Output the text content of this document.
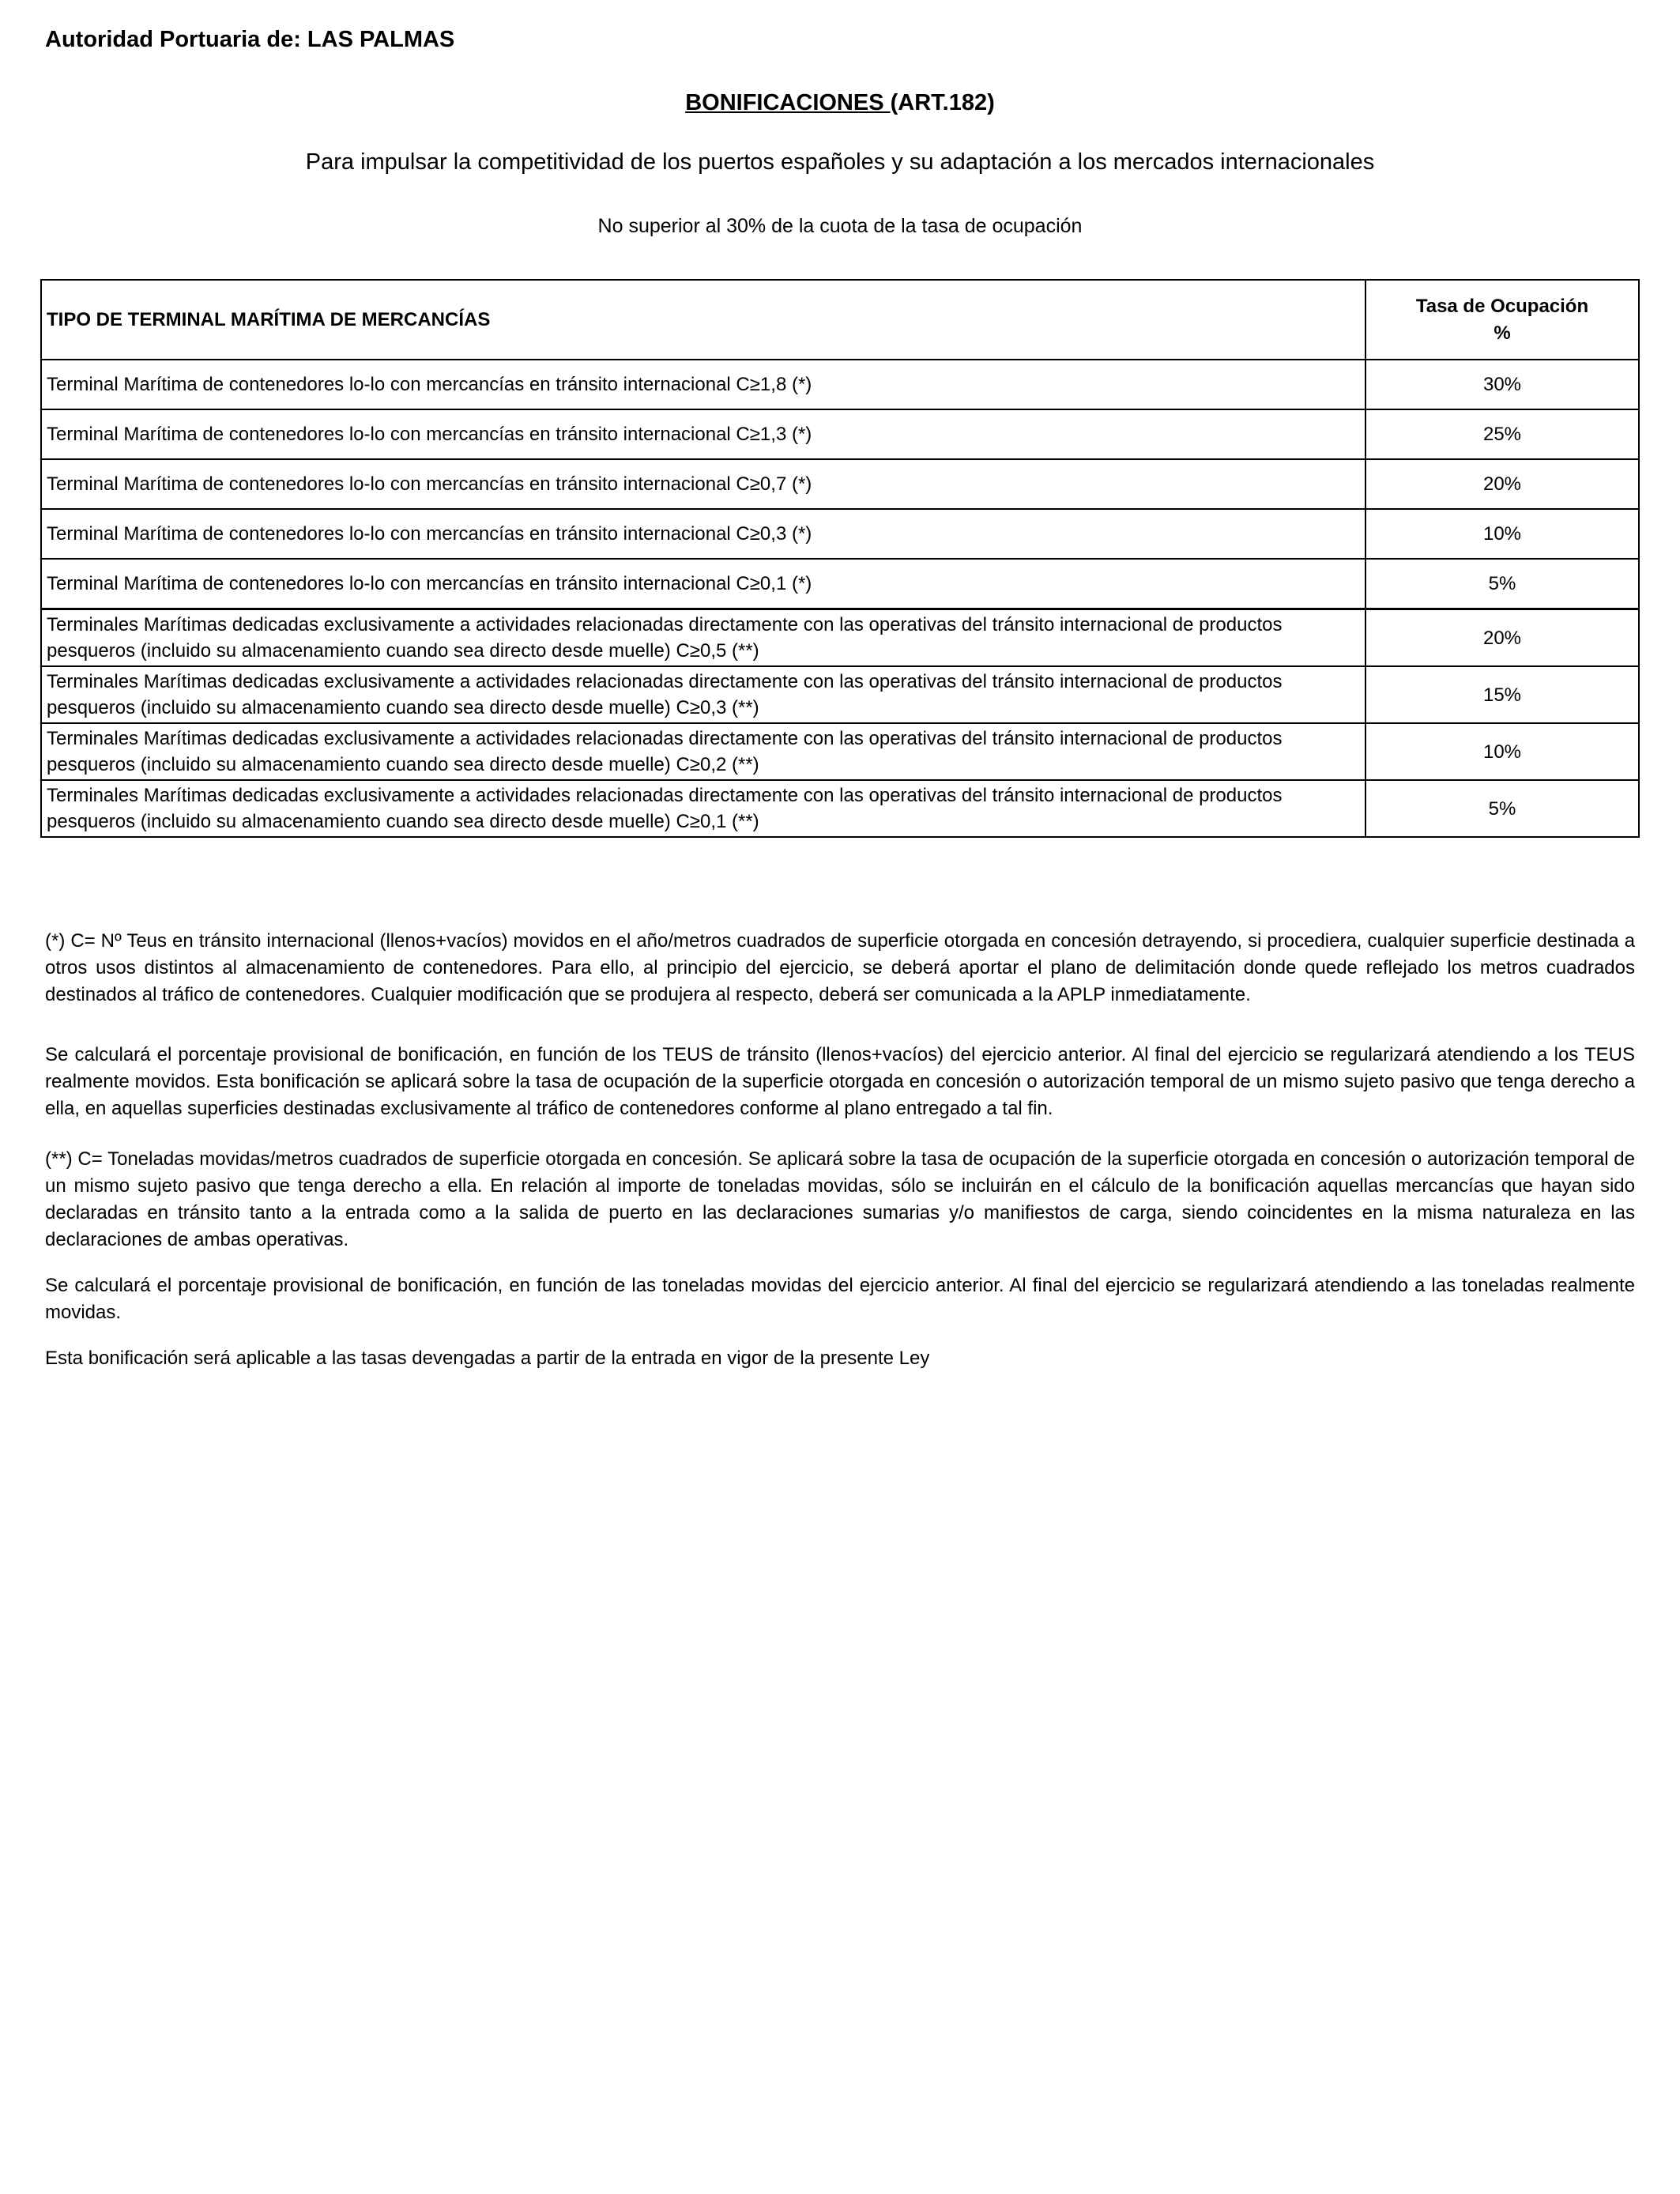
Autoridad Portuaria de: LAS PALMAS

BONIFICACIONES (ART.182)

Para impulsar la competitividad de los puertos españoles y su adaptación a los mercados internacionales

No superior al 30% de la cuota de la tasa de ocupación

TIPO DE TERMINAL MARÍTIMA DE MERCANCÍAS	Tasa de Ocupación
%

Terminal Marítima de contenedores lo-lo con mercancías en tránsito internacional C≥1,8 (*)	30%
Terminal Marítima de contenedores lo-lo con mercancías en tránsito internacional C≥1,3 (*)	25%
Terminal Marítima de contenedores lo-lo con mercancías en tránsito internacional C≥0,7 (*)	20%
Terminal Marítima de contenedores lo-lo con mercancías en tránsito internacional C≥0,3 (*)	10%
Terminal Marítima de contenedores lo-lo con mercancías en tránsito internacional C≥0,1 (*)	5%
Terminales Marítimas dedicadas exclusivamente a actividades relacionadas directamente con las operativas del tránsito internacional de productos pesqueros (incluido su almacenamiento cuando sea directo desde muelle) C≥0,5 (**)	20%
Terminales Marítimas dedicadas exclusivamente a actividades relacionadas directamente con las operativas del tránsito internacional de productos pesqueros (incluido su almacenamiento cuando sea directo desde muelle) C≥0,3 (**)	15%
Terminales Marítimas dedicadas exclusivamente a actividades relacionadas directamente con las operativas del tránsito internacional de productos pesqueros (incluido su almacenamiento cuando sea directo desde muelle) C≥0,2 (**)	10%
Terminales Marítimas dedicadas exclusivamente a actividades relacionadas directamente con las operativas del tránsito internacional de productos pesqueros (incluido su almacenamiento cuando sea directo desde muelle) C≥0,1 (**)	5%

(*) C= Nº Teus en tránsito internacional (llenos+vacíos) movidos en el año/metros cuadrados de superficie otorgada en concesión detrayendo, si procediera, cualquier superficie destinada a otros usos distintos al almacenamiento de contenedores. Para ello, al principio del ejercicio, se deberá aportar el plano de delimitación donde quede reflejado los metros cuadrados destinados al tráfico de contenedores. Cualquier modificación que se produjera al respecto, deberá ser comunicada a la APLP inmediatamente.

Se calculará el porcentaje provisional de bonificación, en función de los TEUS de tránsito (llenos+vacíos) del ejercicio anterior. Al final del ejercicio se regularizará atendiendo a los TEUS realmente movidos. Esta bonificación se aplicará sobre la tasa de ocupación de la superficie otorgada en concesión o autorización temporal de un mismo sujeto pasivo que tenga derecho a ella, en aquellas superficies destinadas exclusivamente al tráfico de contenedores conforme al plano entregado a tal fin.

(**) C= Toneladas movidas/metros cuadrados de superficie otorgada en concesión. Se aplicará sobre la tasa de ocupación de la superficie otorgada en concesión o autorización temporal de un mismo sujeto pasivo que tenga derecho a ella. En relación al importe de toneladas movidas, sólo se incluirán en el cálculo de la bonificación aquellas mercancías que hayan sido declaradas en tránsito tanto a la entrada como a la salida de puerto en las declaraciones sumarias y/o manifiestos de carga, siendo coincidentes en la misma naturaleza en las declaraciones de ambas operativas.

Se calculará el porcentaje provisional de bonificación, en función de las toneladas movidas del ejercicio anterior. Al final del ejercicio se regularizará atendiendo a las toneladas realmente movidas.

Esta bonificación será aplicable a las tasas devengadas a partir de la entrada en vigor de la presente Ley
